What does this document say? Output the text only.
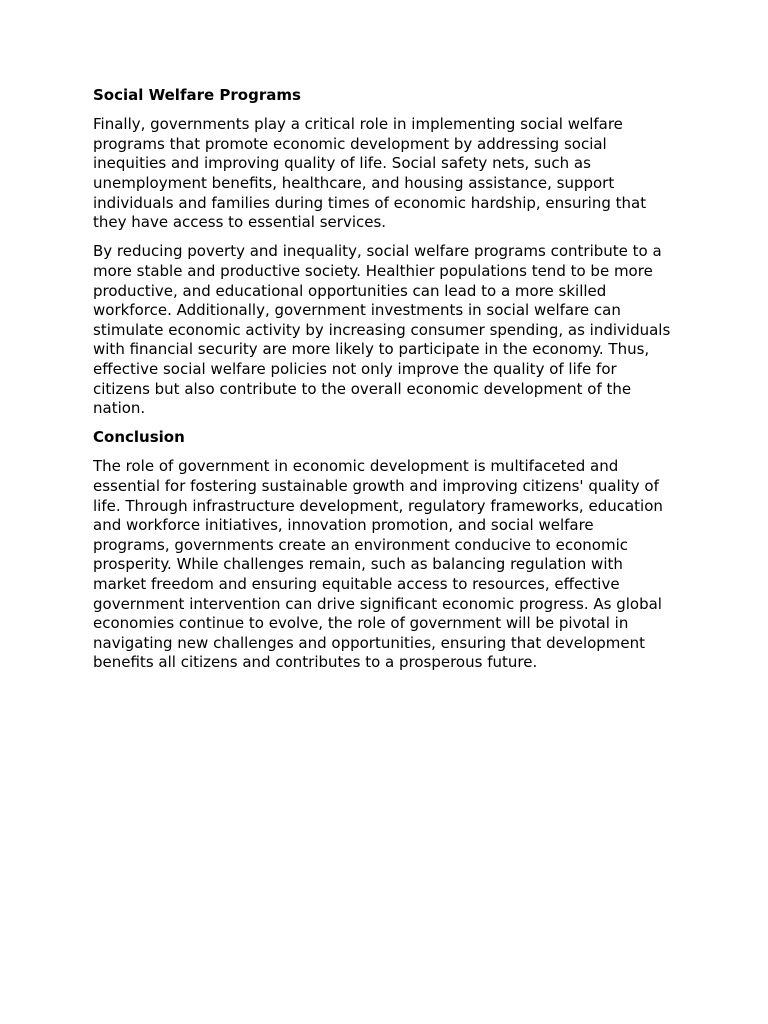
Social Welfare Programs

Finally, governments play a critical role in implementing social welfare programs that promote economic development by addressing social inequities and improving quality of life. Social safety nets, such as unemployment benefits, healthcare, and housing assistance, support individuals and families during times of economic hardship, ensuring that they have access to essential services.

By reducing poverty and inequality, social welfare programs contribute to a more stable and productive society. Healthier populations tend to be more productive, and educational opportunities can lead to a more skilled workforce. Additionally, government investments in social welfare can stimulate economic activity by increasing consumer spending, as individuals with financial security are more likely to participate in the economy. Thus, effective social welfare policies not only improve the quality of life for citizens but also contribute to the overall economic development of the nation.

Conclusion

The role of government in economic development is multifaceted and essential for fostering sustainable growth and improving citizens' quality of life. Through infrastructure development, regulatory frameworks, education and workforce initiatives, innovation promotion, and social welfare programs, governments create an environment conducive to economic prosperity. While challenges remain, such as balancing regulation with market freedom and ensuring equitable access to resources, effective government intervention can drive significant economic progress. As global economies continue to evolve, the role of government will be pivotal in navigating new challenges and opportunities, ensuring that development benefits all citizens and contributes to a prosperous future.
